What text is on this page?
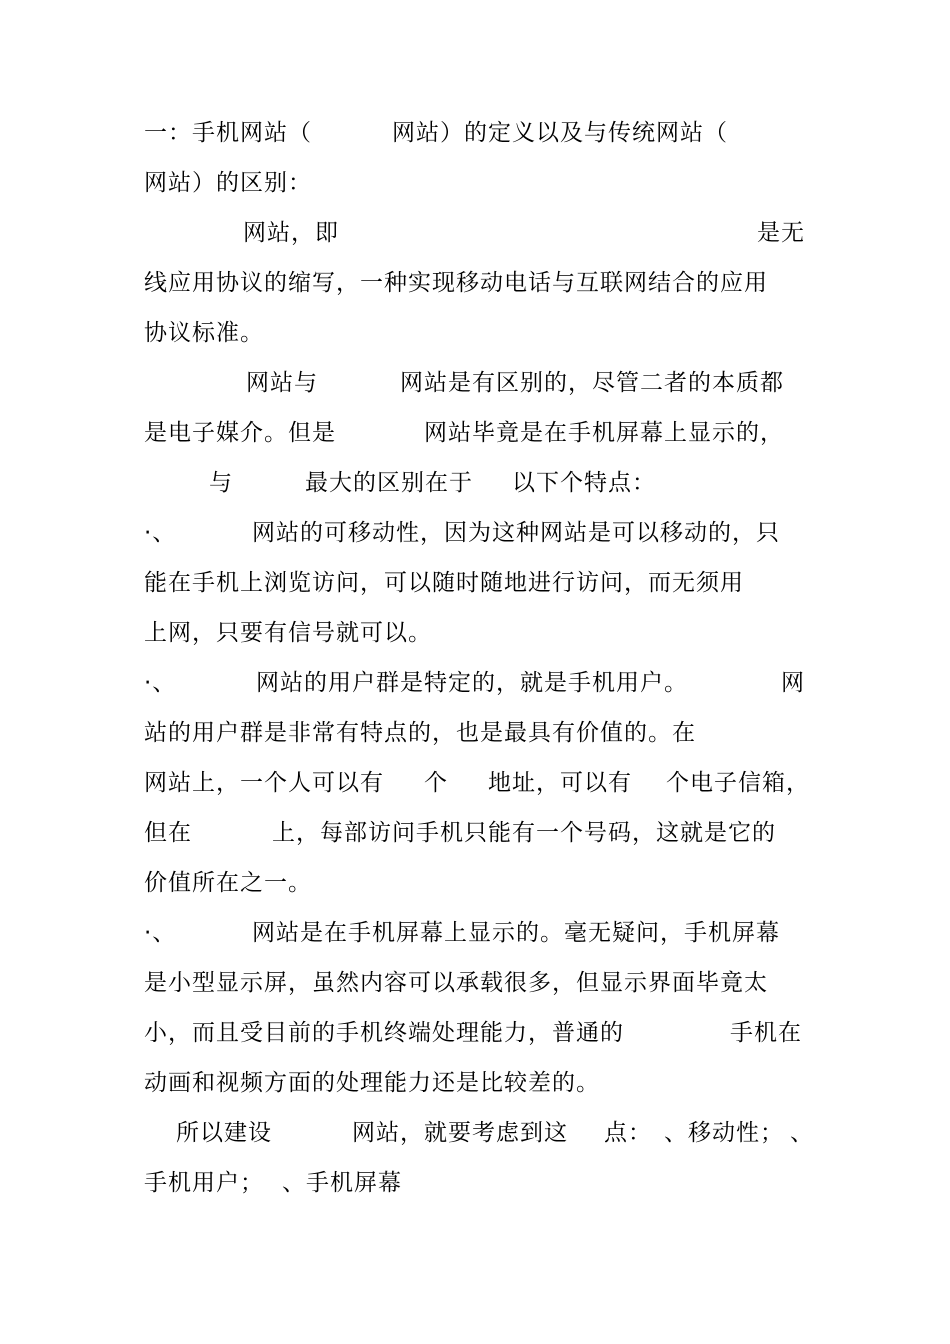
一：手机网站（	网站）的定义以及与传统网站（
网站）的区别：
网站，即	是无
线应用协议的缩写，一种实现移动电话与互联网结合的应用
协议标准。
网站与	网站是有区别的，尽管二者的本质都
是电子媒介。但是	网站毕竟是在手机屏幕上显示的，
与	最大的区别在于 以下个特点：
·、	网站的可移动性，因为这种网站是可以移动的，只
能在手机上浏览访问，可以随时随地进行访问，而无须用
上网，只要有信号就可以。
·、	网站的用户群是特定的，就是手机用户。	网
站的用户群是非常有特点的，也是最具有价值的。在
网站上，一个人可以有 个 地址，可以有 个电子信箱，
但在	上，每部访问手机只能有一个号码，这就是它的
价值所在之一。
·、	网站是在手机屏幕上显示的。毫无疑问，手机屏幕
是小型显示屏，虽然内容可以承载很多，但显示界面毕竟太
小，而且受目前的手机终端处理能力，普通的	手机在
动画和视频方面的处理能力还是比较差的。
所以建设	网站，就要考虑到这 点： 、移动性； 、
手机用户； 、手机屏幕
